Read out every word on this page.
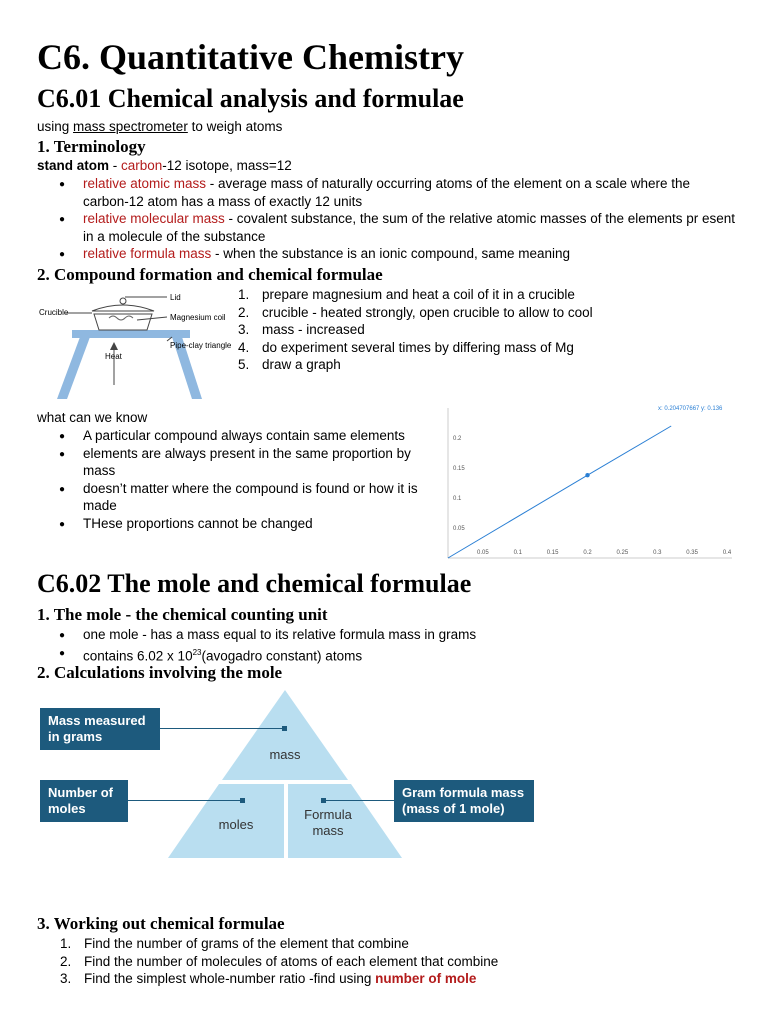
C6. Quantitative Chemistry
C6.01 Chemical analysis and formulae
using mass spectrometer to weigh atoms
1. Terminology
stand atom - carbon-12 isotope, mass=12
● relative atomic mass - average mass of naturally occurring atoms of the element on a scale where the carbon-12 atom has a mass of exactly 12 units
● relative molecular mass - covalent substance, the sum of the relative atomic masses of the elements pr esent in a molecule of the substance
● relative formula mass - when the substance is an ionic compound, same meaning
2. Compound formation and chemical formulae
Lid
Crucible
Magnesium coil
Pipe-clay triangle
Heat
1. prepare magnesium and heat a coil of it in a crucible
2. crucible - heated strongly, open crucible to allow to cool
3. mass - increased
4. do experiment several times by differing mass of Mg
5. draw a graph
what can we know
● A particular compound always contain same elements
● elements are always present in the same proportion by mass
● doesn’t matter where the compound is found or how it is made
● THese proportions cannot be changed
x: 0.204707667 y: 0.136
0.05	0.1	0.15	0.2	0.25	0.3	0.35	0.4
0.05
0.1
0.15
0.2
C6.02 The mole and chemical formulae
1. The mole - the chemical counting unit
● one mole - has a mass equal to its relative formula mass in grams
● contains 6.02 x $10^{23}(avogadro$ constant) atoms
2. Calculations involving the mole
mass
moles
Formula
mass
Mass measured
in grams
Number of
moles
Gram formula mass
(mass of 1 mole)
3. Working out chemical formulae
1. Find the number of grams of the element that combine
2. Find the number of molecules of atoms of each element that combine
3. Find the simplest whole-number ratio -find using number of mole
